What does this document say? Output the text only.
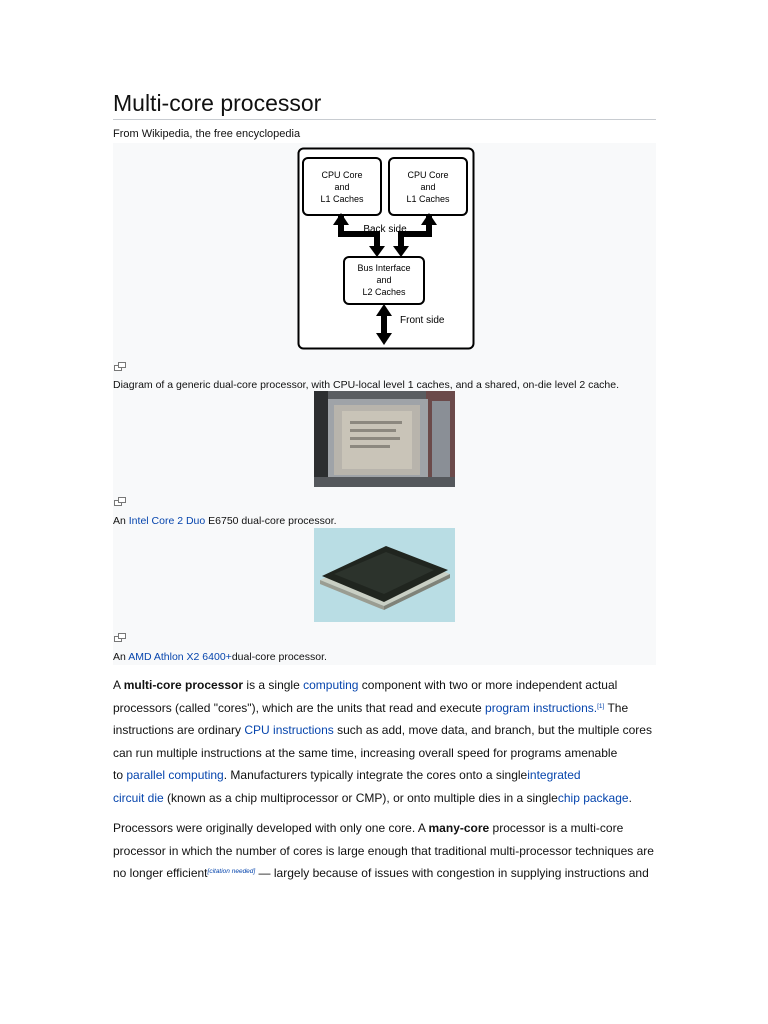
Multi-core processor
From Wikipedia, the free encyclopedia
CPU Core
and
L1 Caches
CPU Core
and
L1 Caches
Back side
Bus Interface
and
L2 Caches
Front side
Diagram of a generic dual-core processor, with CPU-local level 1 caches, and a shared, on-die level 2 cache.
An Intel Core 2 Duo E6750 dual-core processor.
An AMD Athlon X2 6400+dual-core processor.
A multi-core processor is a single computing component with two or more independent actual
processors (called "cores"), which are the units that read and execute program instructions.[1] The
instructions are ordinary CPU instructions such as add, move data, and branch, but the multiple cores
can run multiple instructions at the same time, increasing overall speed for programs amenable
to parallel computing. Manufacturers typically integrate the cores onto a singleintegrated
circuit die (known as a chip multiprocessor or CMP), or onto multiple dies in a singlechip package.
Processors were originally developed with only one core. A many-core processor is a multi-core
processor in which the number of cores is large enough that traditional multi-processor techniques are
no longer efficient[citation needed] — largely because of issues with congestion in supplying instructions and
